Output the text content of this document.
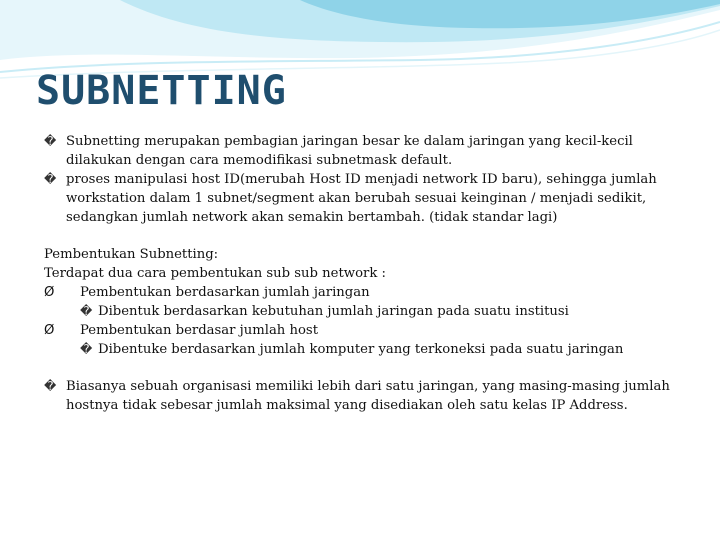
SUBNETTING
� Subnetting merupakan pembagian jaringan besar ke dalam jaringan yang kecil-kecil dilakukan dengan cara memodifikasi subnetmask default.
� proses manipulasi host ID(merubah Host ID menjadi network ID baru), sehingga jumlah workstation dalam 1 subnet/segment akan berubah sesuai keinginan / menjadi sedikit, sedangkan jumlah network akan semakin bertambah. (tidak standar lagi)
Pembentukan Subnetting:
Terdapat dua cara pembentukan sub sub network :
Ø	Pembentukan berdasarkan jumlah jaringan
� Dibentuk berdasarkan kebutuhan jumlah jaringan pada suatu institusi
Ø	Pembentukan berdasar jumlah host
� Dibentuke berdasarkan jumlah komputer yang terkoneksi pada suatu jaringan
� Biasanya sebuah organisasi memiliki lebih dari satu jaringan, yang masing-masing jumlah hostnya tidak sebesar jumlah maksimal yang disediakan oleh satu kelas IP Address.
